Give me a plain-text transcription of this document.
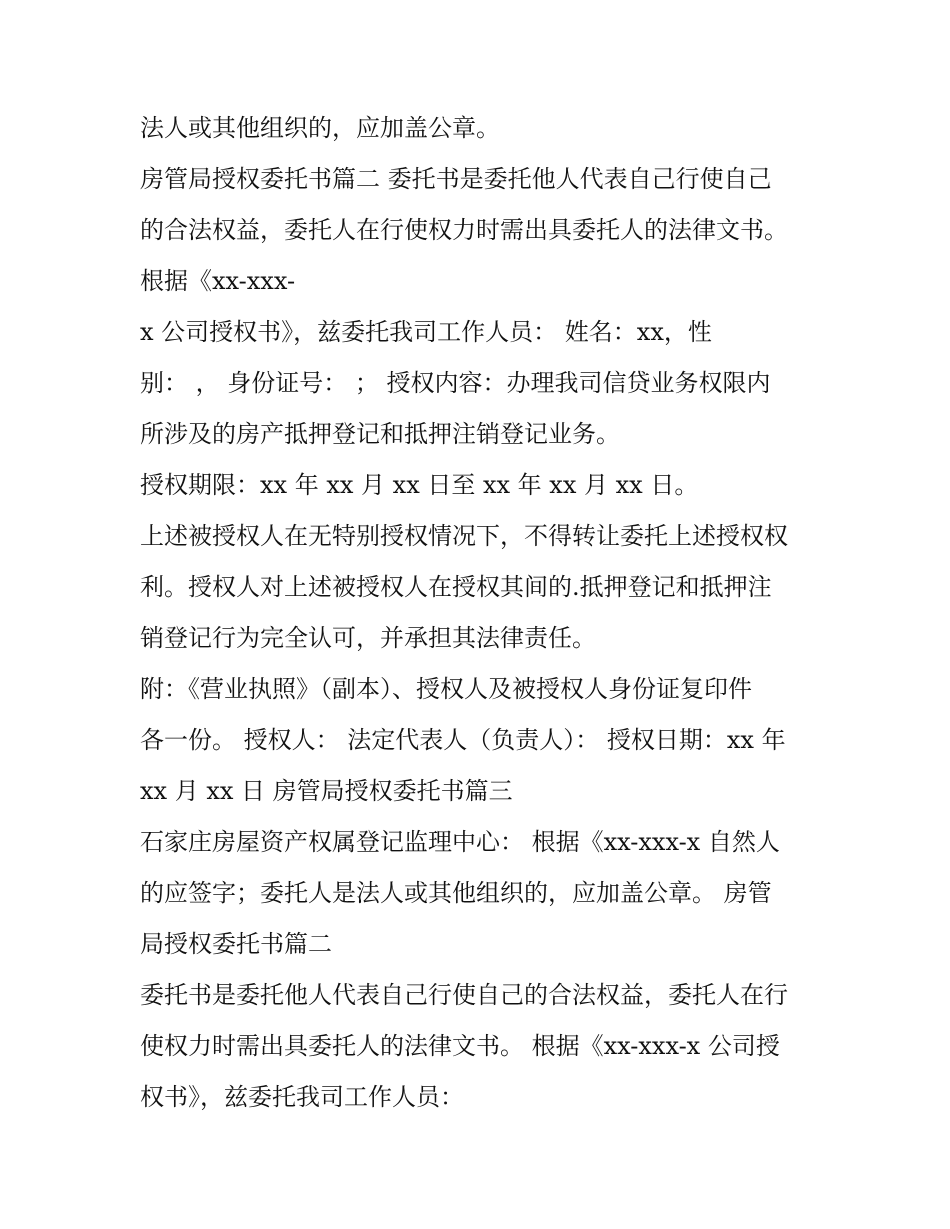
法人或其他组织的，应加盖公章。
房管局授权委托书篇二 委托书是委托他人代表自己行使自己
的合法权益，委托人在行使权力时需出具委托人的法律文书。
根据《xx-xxx-
x 公司授权书》，兹委托我司工作人员： 姓名：xx，性
别： ， 身份证号： ； 授权内容：办理我司信贷业务权限内
所涉及的房产抵押登记和抵押注销登记业务。
授权期限：xx 年 xx 月 xx 日至 xx 年 xx 月 xx 日。
上述被授权人在无特别授权情况下，不得转让委托上述授权权
利。授权人对上述被授权人在授权其间的.抵押登记和抵押注
销登记行为完全认可，并承担其法律责任。
附：《营业执照》（副本）、授权人及被授权人身份证复印件
各一份。 授权人： 法定代表人（负责人）： 授权日期：xx 年
xx 月 xx 日 房管局授权委托书篇三
石家庄房屋资产权属登记监理中心： 根据《xx-xxx-x 自然人
的应签字；委托人是法人或其他组织的，应加盖公章。 房管
局授权委托书篇二
委托书是委托他人代表自己行使自己的合法权益，委托人在行
使权力时需出具委托人的法律文书。 根据《xx-xxx-x 公司授
权书》，兹委托我司工作人员：
